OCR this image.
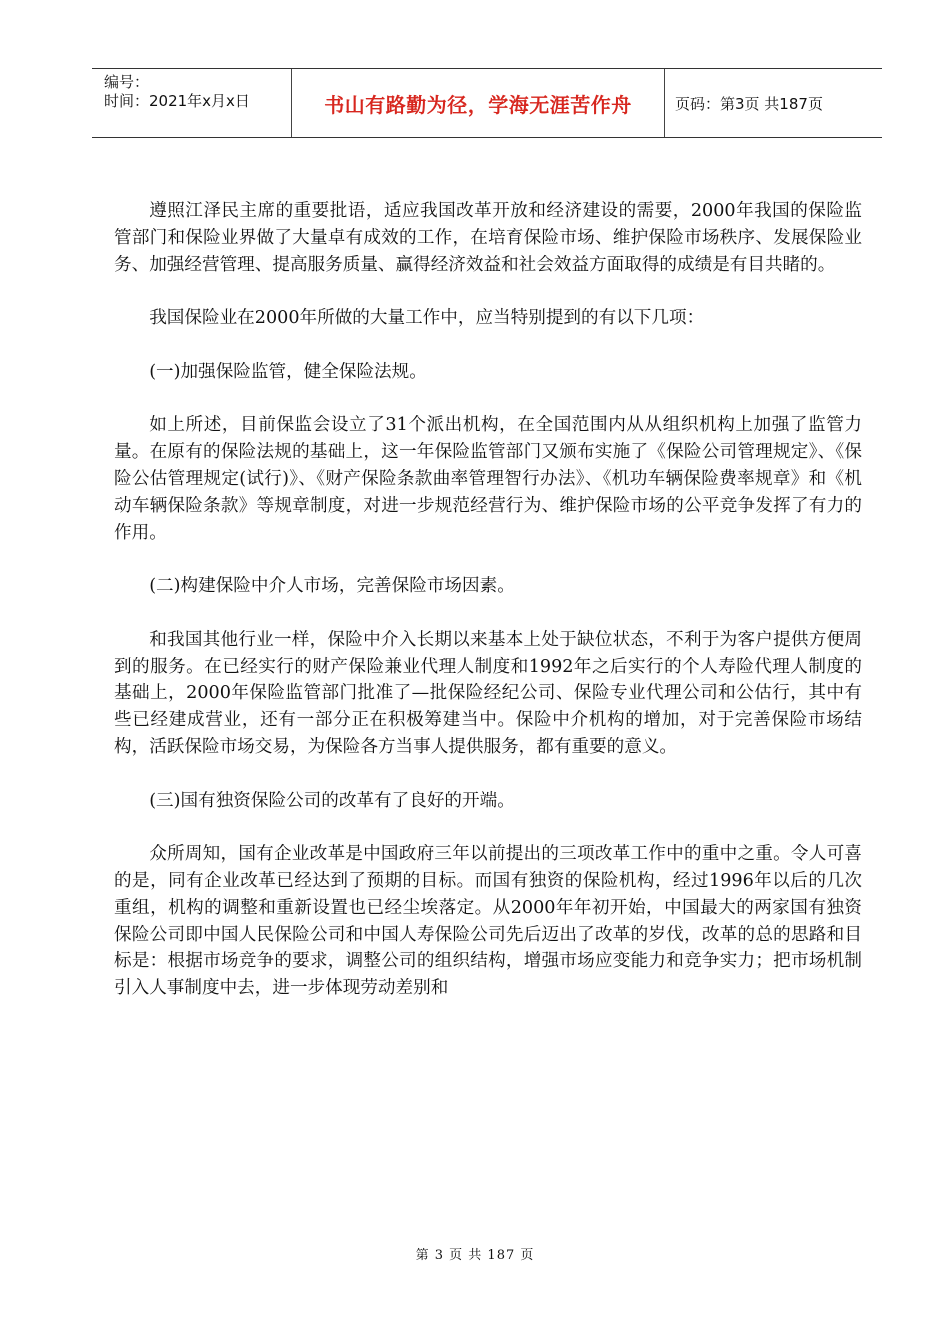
编号：
时间：2021年x月x日	书山有路勤为径，学海无涯苦作舟	页码：第3页 共187页

遵照江泽民主席的重要批语，适应我国改革开放和经济建设的需要，2000年我国的保险监管部门和保险业界做了大量卓有成效的工作，在培育保险市场、维护保险市场秩序、发展保险业务、加强经营管理、提高服务质量、赢得经济效益和社会效益方面取得的成绩是有目共睹的。

我国保险业在2000年所做的大量工作中，应当特别提到的有以下几项：

(一)加强保险监管，健全保险法规。

如上所述，目前保监会设立了31个派出机构，在全国范围内从从组织机构上加强了监管力量。在原有的保险法规的基础上，这一年保险监管部门又颁布实施了《保险公司管理规定》、《保险公估管理规定(试行)》、《财产保险条款曲率管理智行办法》、《机功车辆保险费率规章》和《机动车辆保险条款》等规章制度，对进一步规范经营行为、维护保险市场的公平竞争发挥了有力的作用。

(二)构建保险中介人市场，完善保险市场因素。

和我国其他行业一样，保险中介入长期以来基本上处于缺位状态，不利于为客户提供方便周到的服务。在已经实行的财产保险兼业代理人制度和1992年之后实行的个人寿险代理人制度的基础上，2000年保险监管部门批准了—批保险经纪公司、保险专业代理公司和公估行，其中有些已经建成营业，还有一部分正在积极筹建当中。保险中介机构的增加，对于完善保险市场结构，活跃保险市场交易，为保险各方当事人提供服务，都有重要的意义。

(三)国有独资保险公司的改革有了良好的开端。

众所周知，国有企业改革是中国政府三年以前提出的三项改革工作中的重中之重。令人可喜的是，同有企业改革已经达到了预期的目标。而国有独资的保险机构，经过1996年以后的几次重组，机构的调整和重新设置也已经尘埃落定。从2000年年初开始，中国最大的两家国有独资保险公司即中国人民保险公司和中国人寿保险公司先后迈出了改革的岁伐，改革的总的思路和目标是：根据市场竞争的要求，调整公司的组织结构，增强市场应变能力和竞争实力；把市场机制引入人事制度中去，进一步体现劳动差别和

第 3 页 共 187 页
